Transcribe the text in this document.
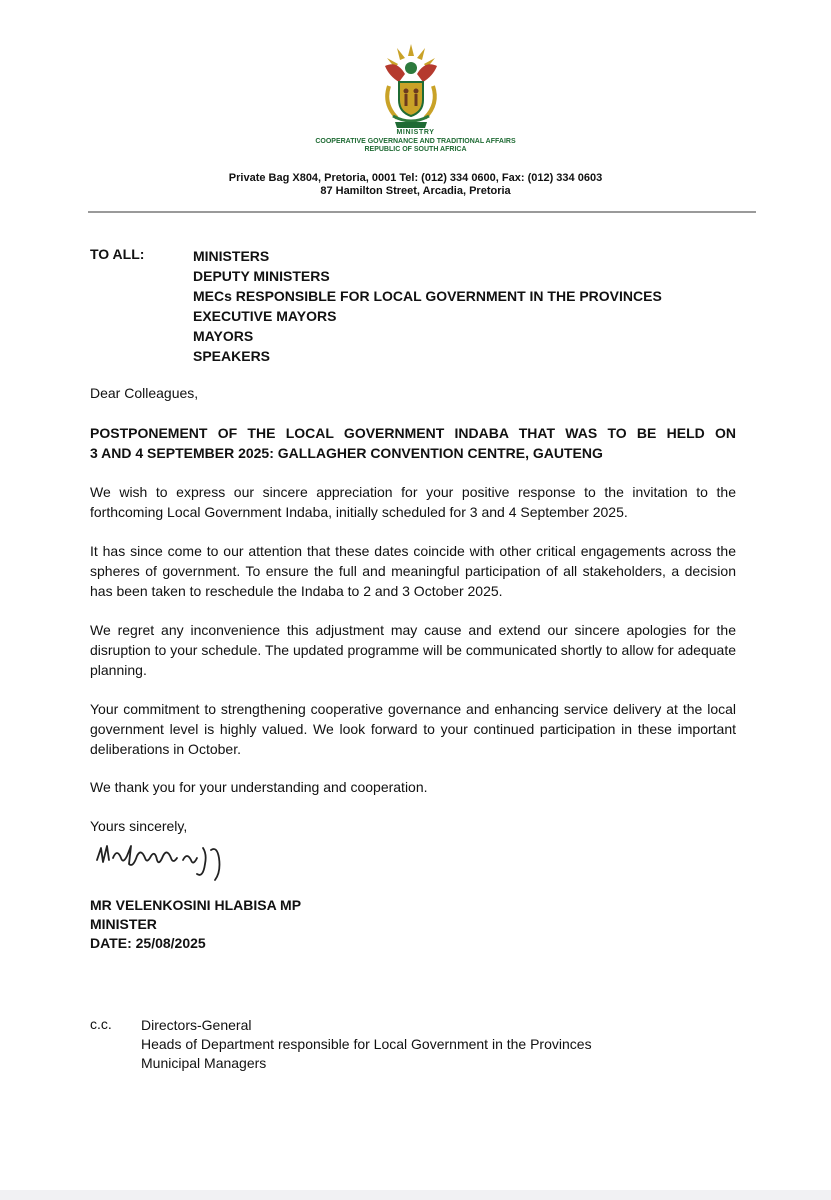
MINISTRY
COOPERATIVE GOVERNANCE AND TRADITIONAL AFFAIRS
REPUBLIC OF SOUTH AFRICA
Private Bag X804, Pretoria, 0001 Tel: (012) 334 0600, Fax: (012) 334 0603
87 Hamilton Street, Arcadia, Pretoria
TO ALL:	MINISTERS
DEPUTY MINISTERS
MECs RESPONSIBLE FOR LOCAL GOVERNMENT IN THE PROVINCES
EXECUTIVE MAYORS
MAYORS
SPEAKERS
Dear Colleagues,
POSTPONEMENT OF THE LOCAL GOVERNMENT INDABA THAT WAS TO BE HELD ON
3 AND 4 SEPTEMBER 2025: GALLAGHER CONVENTION CENTRE, GAUTENG
We wish to express our sincere appreciation for your positive response to the invitation to the forthcoming Local Government Indaba, initially scheduled for 3 and 4 September 2025.
It has since come to our attention that these dates coincide with other critical engagements across the spheres of government. To ensure the full and meaningful participation of all stakeholders, a decision has been taken to reschedule the Indaba to 2 and 3 October 2025.
We regret any inconvenience this adjustment may cause and extend our sincere apologies for the disruption to your schedule. The updated programme will be communicated shortly to allow for adequate planning.
Your commitment to strengthening cooperative governance and enhancing service delivery at the local government level is highly valued. We look forward to your continued participation in these important deliberations in October.
We thank you for your understanding and cooperation.
Yours sincerely,
MR VELENKOSINI HLABISA MP
MINISTER
DATE: 25/08/2025
c.c. Directors-General
Heads of Department responsible for Local Government in the Provinces
Municipal Managers
